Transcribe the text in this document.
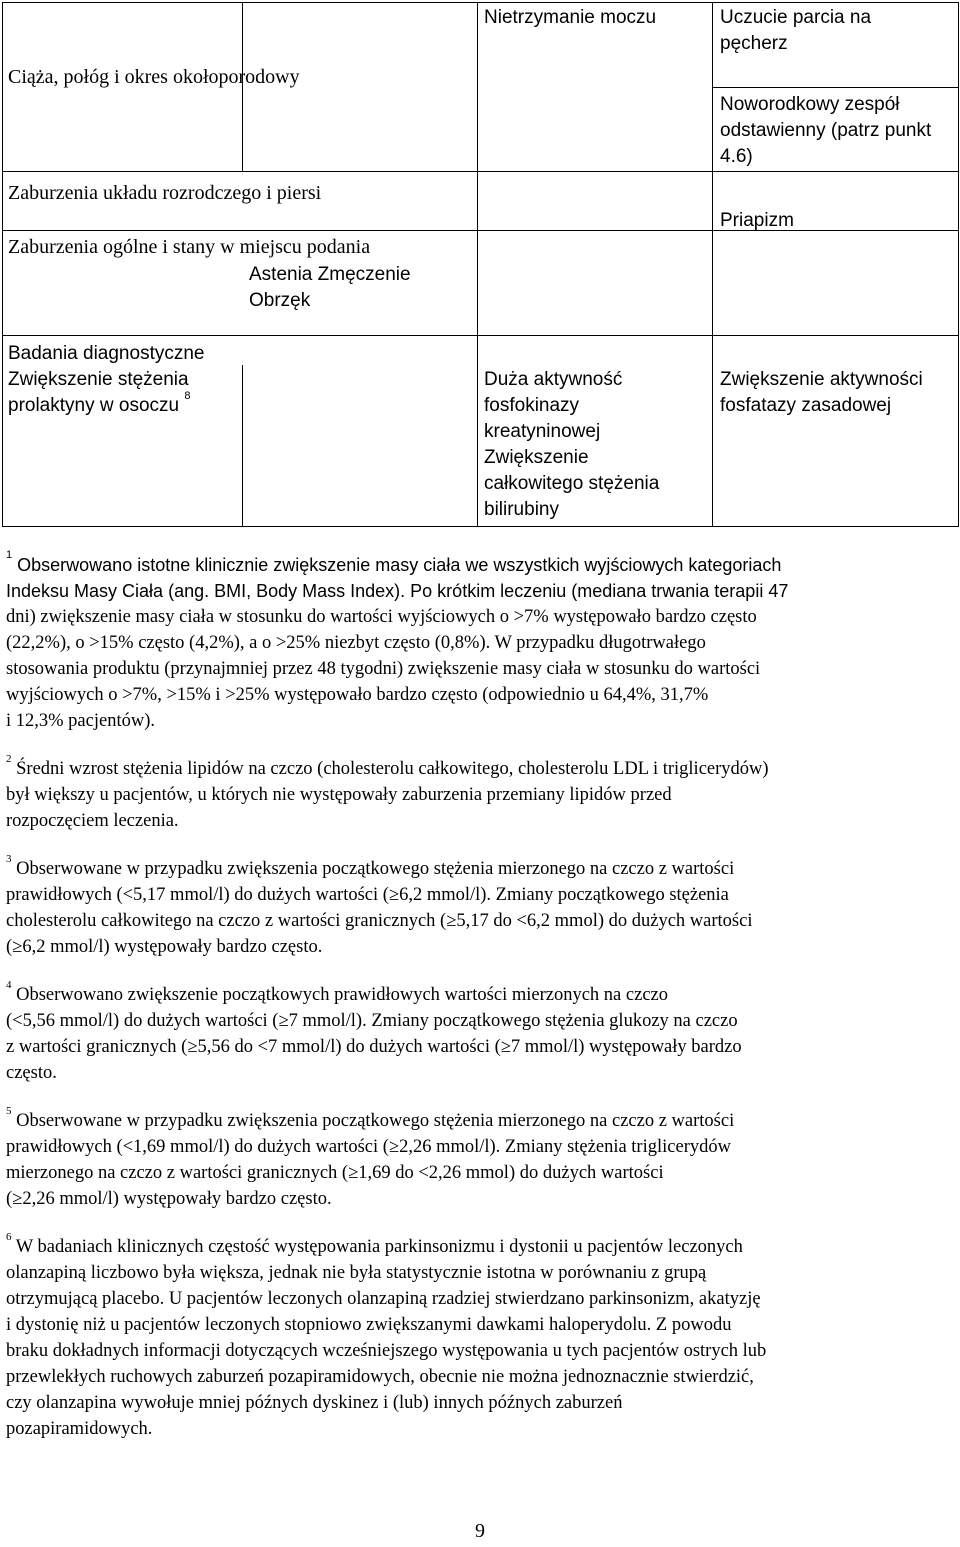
Nietrzymanie moczu	Uczucie parcia na
pęcherz
Ciąża, połóg i okres okołoporodowy
Noworodkowy zespół
odstawienny (patrz punkt
4.6)
Zaburzenia układu rozrodczego i piersi
Priapizm
Zaburzenia ogólne i stany w miejscu podania
Astenia Zmęczenie
Obrzęk
Badania diagnostyczne
Zwiększenie stężenia
prolaktyny w osoczu $^8$
Duża aktywność
fosfokinazy
kreatyninowej
Zwiększenie
całkowitego stężenia
bilirubiny
Zwiększenie aktywności
fosfatazy zasadowej
$^1$ Obserwowano istotne klinicznie zwiększenie masy ciała we wszystkich wyjściowych kategoriach
Indeksu Masy Ciała (ang. BMI, Body Mass Index). Po krótkim leczeniu (mediana trwania terapii 47
dni) zwiększenie masy ciała w stosunku do wartości wyjściowych o >7% występowało bardzo często
(22,2%), o >15% często (4,2%), a o >25% niezbyt często (0,8%). W przypadku długotrwałego
stosowania produktu (przynajmniej przez 48 tygodni) zwiększenie masy ciała w stosunku do wartości
wyjściowych o >7%, >15% i >25% występowało bardzo często (odpowiednio u 64,4%, 31,7%
i 12,3% pacjentów).
$^2$ Średni wzrost stężenia lipidów na czczo (cholesterolu całkowitego, cholesterolu LDL i triglicerydów)
był większy u pacjentów, u których nie występowały zaburzenia przemiany lipidów przed
rozpoczęciem leczenia.
$^3$ Obserwowane w przypadku zwiększenia początkowego stężenia mierzonego na czczo z wartości
prawidłowych (<5,17 mmol/l) do dużych wartości (≥6,2 mmol/l). Zmiany początkowego stężenia
cholesterolu całkowitego na czczo z wartości granicznych (≥5,17 do <6,2 mmol) do dużych wartości
(≥6,2 mmol/l) występowały bardzo często.
$^4$ Obserwowano zwiększenie początkowych prawidłowych wartości mierzonych na czczo
(<5,56 mmol/l) do dużych wartości (≥7 mmol/l). Zmiany początkowego stężenia glukozy na czczo
z wartości granicznych (≥5,56 do <7 mmol/l) do dużych wartości (≥7 mmol/l) występowały bardzo
często.
$^5$ Obserwowane w przypadku zwiększenia początkowego stężenia mierzonego na czczo z wartości
prawidłowych (<1,69 mmol/l) do dużych wartości (≥2,26 mmol/l). Zmiany stężenia triglicerydów
mierzonego na czczo z wartości granicznych (≥1,69 do <2,26 mmol) do dużych wartości
(≥2,26 mmol/l) występowały bardzo często.
$^6$ W badaniach klinicznych częstość występowania parkinsonizmu i dystonii u pacjentów leczonych
olanzapiną liczbowo była większa, jednak nie była statystycznie istotna w porównaniu z grupą
otrzymującą placebo. U pacjentów leczonych olanzapiną rzadziej stwierdzano parkinsonizm, akatyzję
i dystonię niż u pacjentów leczonych stopniowo zwiększanymi dawkami haloperydolu. Z powodu
braku dokładnych informacji dotyczących wcześniejszego występowania u tych pacjentów ostrych lub
przewlekłych ruchowych zaburzeń pozapiramidowych, obecnie nie można jednoznacznie stwierdzić,
czy olanzapina wywołuje mniej późnych dyskinez i (lub) innych późnych zaburzeń
pozapiramidowych.
9
